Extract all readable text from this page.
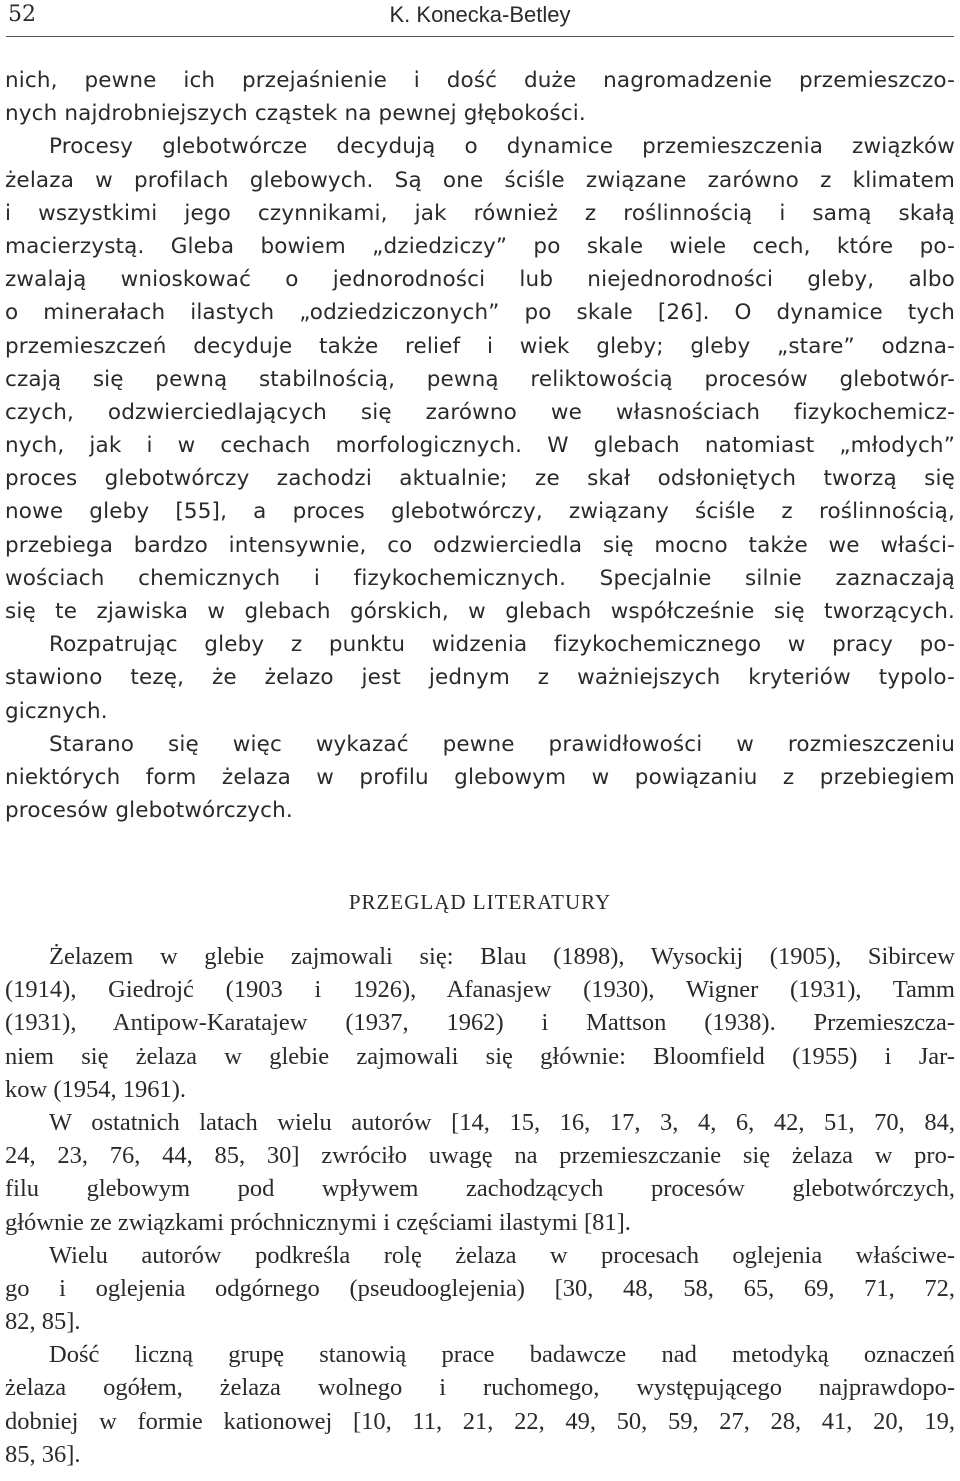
52	K. Konecka-Betley
nich, pewne ich przejaśnienie i dość duże nagromadzenie przemieszczo-
nych najdrobniejszych cząstek na pewnej głębokości.
Procesy glebotwórcze decydują o dynamice przemieszczenia związków
żelaza w profilach glebowych. Są one ściśle związane zarówno z klimatem
i wszystkimi jego czynnikami, jak również z roślinnością i samą skałą
macierzystą. Gleba bowiem „dziedziczy” po skale wiele cech, które po-
zwalają wnioskować o jednorodności lub niejednorodności gleby, albo
o minerałach ilastych „odziedziczonych” po skale [26]. O dynamice tych
przemieszczeń decyduje także relief i wiek gleby; gleby „stare” odzna-
czają się pewną stabilnością, pewną reliktowością procesów glebotwór-
czych, odzwierciedlających się zarówno we własnościach fizykochemicz-
nych, jak i w cechach morfologicznych. W glebach natomiast „młodych”
proces glebotwórczy zachodzi aktualnie; ze skał odsłoniętych tworzą się
nowe gleby [55], a proces glebotwórczy, związany ściśle z roślinnością,
przebiega bardzo intensywnie, co odzwierciedla się mocno także we właści-
wościach chemicznych i fizykochemicznych. Specjalnie silnie zaznaczają
się te zjawiska w glebach górskich, w glebach współcześnie się tworzących.
Rozpatrując gleby z punktu widzenia fizykochemicznego w pracy po-
stawiono tezę, że żelazo jest jednym z ważniejszych kryteriów typolo-
gicznych.
Starano się więc wykazać pewne prawidłowości w rozmieszczeniu
niektórych form żelaza w profilu glebowym w powiązaniu z przebiegiem
procesów glebotwórczych.
PRZEGLĄD LITERATURY
Żelazem w glebie zajmowali się: Blau (1898), Wysockij (1905), Sibircew
(1914), Giedrojć (1903 i 1926), Afanasjew (1930), Wigner (1931), Tamm
(1931), Antipow-Karatajew (1937, 1962) i Mattson (1938). Przemieszcza-
niem się żelaza w glebie zajmowali się głównie: Bloomfield (1955) i Jar-
kow (1954, 1961).
W ostatnich latach wielu autorów [14, 15, 16, 17, 3, 4, 6, 42, 51, 70, 84,
24, 23, 76, 44, 85, 30] zwróciło uwagę na przemieszczanie się żelaza w pro-
filu glebowym pod wpływem zachodzących procesów glebotwórczych,
głównie ze związkami próchnicznymi i częściami ilastymi [81].
Wielu autorów podkreśla rolę żelaza w procesach oglejenia właściwe-
go i oglejenia odgórnego (pseudooglejenia) [30, 48, 58, 65, 69, 71, 72,
82, 85].
Dość liczną grupę stanowią prace badawcze nad metodyką oznaczeń
żelaza ogółem, żelaza wolnego i ruchomego, występującego najprawdopo-
dobniej w formie kationowej [10, 11, 21, 22, 49, 50, 59, 27, 28, 41, 20, 19,
85, 36].
